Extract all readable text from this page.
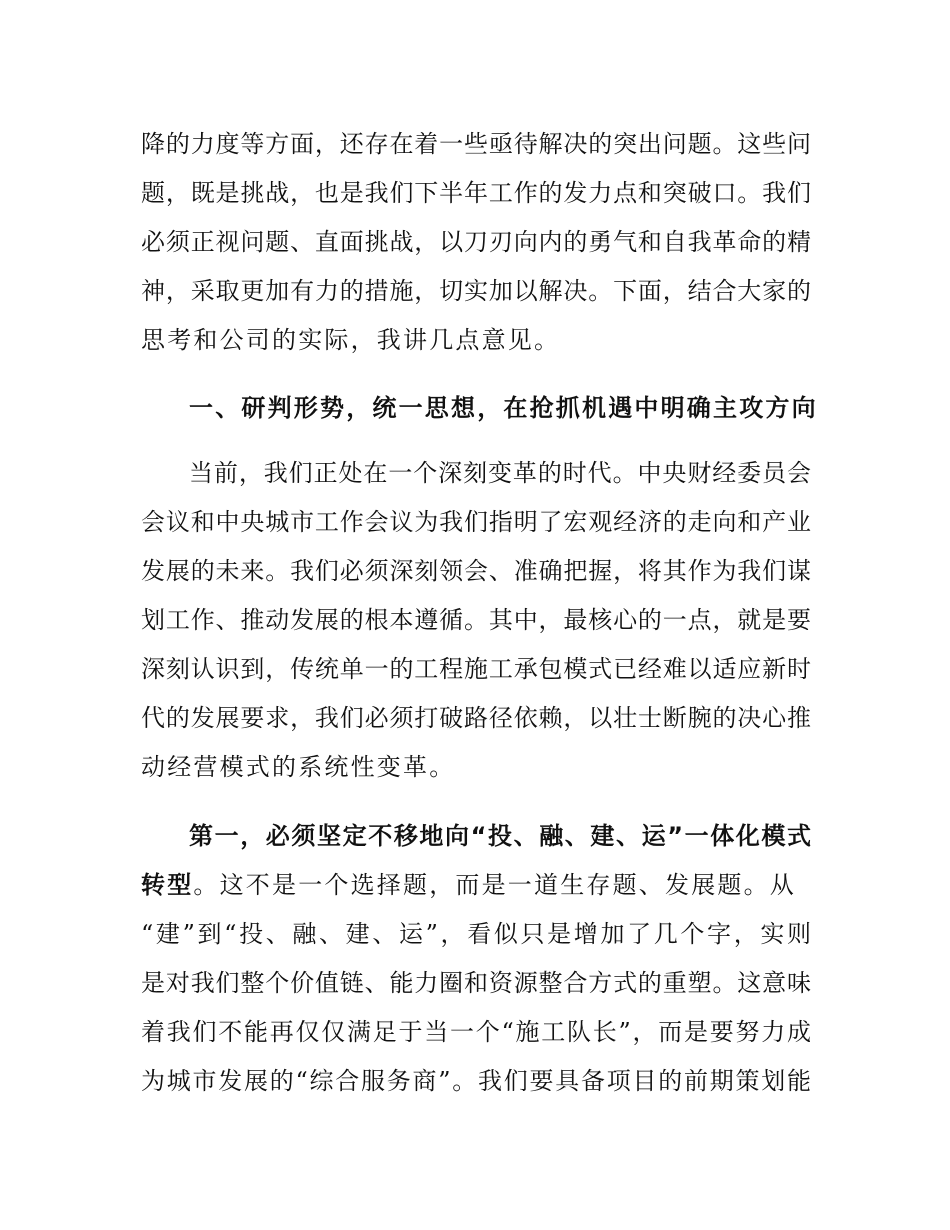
降的力度等方面，还存在着一些亟待解决的突出问题。这些问
题，既是挑战，也是我们下半年工作的发力点和突破口。我们
必须正视问题、直面挑战，以刀刃向内的勇气和自我革命的精
神，采取更加有力的措施，切实加以解决。下面，结合大家的
思考和公司的实际，我讲几点意见。
一、研判形势，统一思想，在抢抓机遇中明确主攻方向
当前，我们正处在一个深刻变革的时代。中央财经委员会
会议和中央城市工作会议为我们指明了宏观经济的走向和产业
发展的未来。我们必须深刻领会、准确把握，将其作为我们谋
划工作、推动发展的根本遵循。其中，最核心的一点，就是要
深刻认识到，传统单一的工程施工承包模式已经难以适应新时
代的发展要求，我们必须打破路径依赖，以壮士断腕的决心推
动经营模式的系统性变革。
第一，必须坚定不移地向“投、融、建、运”一体化模式
转型。这不是一个选择题，而是一道生存题、发展题。从
“建”到“投、融、建、运”，看似只是增加了几个字，实则
是对我们整个价值链、能力圈和资源整合方式的重塑。这意味
着我们不能再仅仅满足于当一个“施工队长”，而是要努力成
为城市发展的“综合服务商”。我们要具备项目的前期策划能
